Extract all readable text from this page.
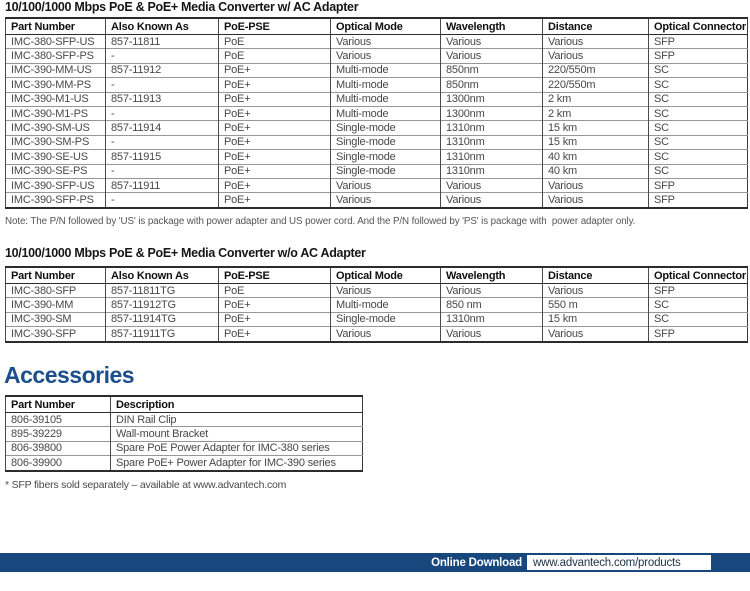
10/100/1000 Mbps PoE & PoE+ Media Converter w/ AC Adapter
Part Number	Also Known As	PoE-PSE	Optical Mode	Wavelength	Distance	Optical Connector
IMC-380-SFP-US	857-11811	PoE	Various	Various	Various	SFP
IMC-380-SFP-PS	-	PoE	Various	Various	Various	SFP
IMC-390-MM-US	857-11912	PoE+	Multi-mode	850nm	220/550m	SC
IMC-390-MM-PS	-	PoE+	Multi-mode	850nm	220/550m	SC
IMC-390-M1-US	857-11913	PoE+	Multi-mode	1300nm	2 km	SC
IMC-390-M1-PS	-	PoE+	Multi-mode	1300nm	2 km	SC
IMC-390-SM-US	857-11914	PoE+	Single-mode	1310nm	15 km	SC
IMC-390-SM-PS	-	PoE+	Single-mode	1310nm	15 km	SC
IMC-390-SE-US	857-11915	PoE+	Single-mode	1310nm	40 km	SC
IMC-390-SE-PS	-	PoE+	Single-mode	1310nm	40 km	SC
IMC-390-SFP-US	857-11911	PoE+	Various	Various	Various	SFP
IMC-390-SFP-PS	-	PoE+	Various	Various	Various	SFP
Note: The P/N followed by 'US' is package with power adapter and US power cord. And the P/N followed by 'PS' is package with  power adapter only.
10/100/1000 Mbps PoE & PoE+ Media Converter w/o AC Adapter
Part Number	Also Known As	PoE-PSE	Optical Mode	Wavelength	Distance	Optical Connector
IMC-380-SFP	857-11811TG	PoE	Various	Various	Various	SFP
IMC-390-MM	857-11912TG	PoE+	Multi-mode	850 nm	550 m	SC
IMC-390-SM	857-11914TG	PoE+	Single-mode	1310nm	15 km	SC
IMC-390-SFP	857-11911TG	PoE+	Various	Various	Various	SFP
Accessories
Part Number	Description
806-39105	DIN Rail Clip
895-39229	Wall-mount Bracket
806-39800	Spare PoE Power Adapter for IMC-380 series
806-39900	Spare PoE+ Power Adapter for IMC-390 series
* SFP fibers sold separately – available at www.advantech.com
Online Download www.advantech.com/products
